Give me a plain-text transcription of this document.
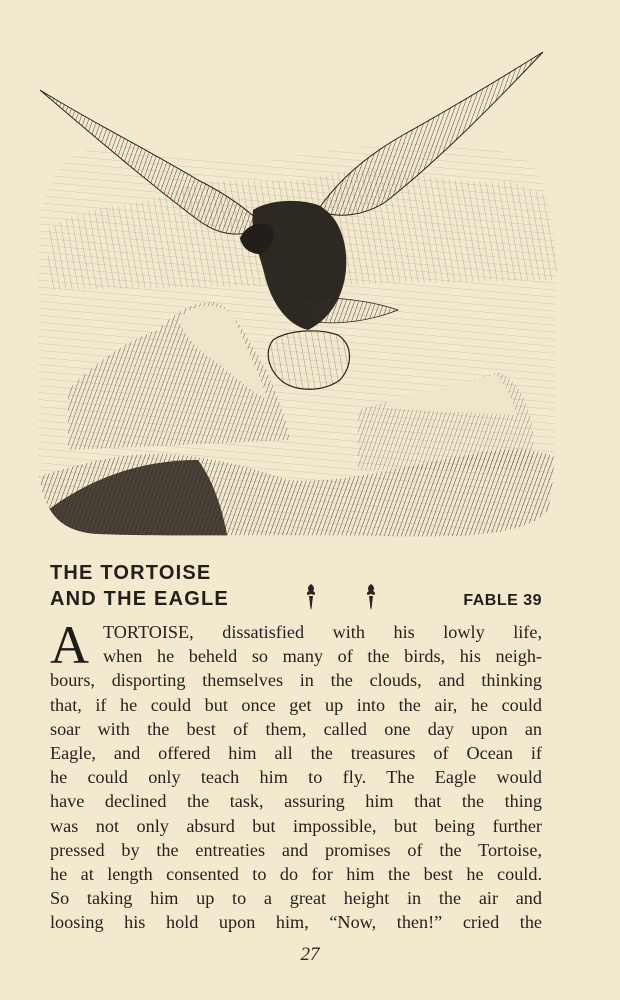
THE TORTOISE
AND THE EAGLE	FABLE 39
A TORTOISE, dissatisfied with his lowly life,
when he beheld so many of the birds, his neigh-
bours, disporting themselves in the clouds, and thinking
that, if he could but once get up into the air, he could
soar with the best of them, called one day upon an
Eagle, and offered him all the treasures of Ocean if
he could only teach him to fly. The Eagle would
have declined the task, assuring him that the thing
was not only absurd but impossible, but being further
pressed by the entreaties and promises of the Tortoise,
he at length consented to do for him the best he could.
So taking him up to a great height in the air and
loosing his hold upon him, “Now, then!” cried the
27
